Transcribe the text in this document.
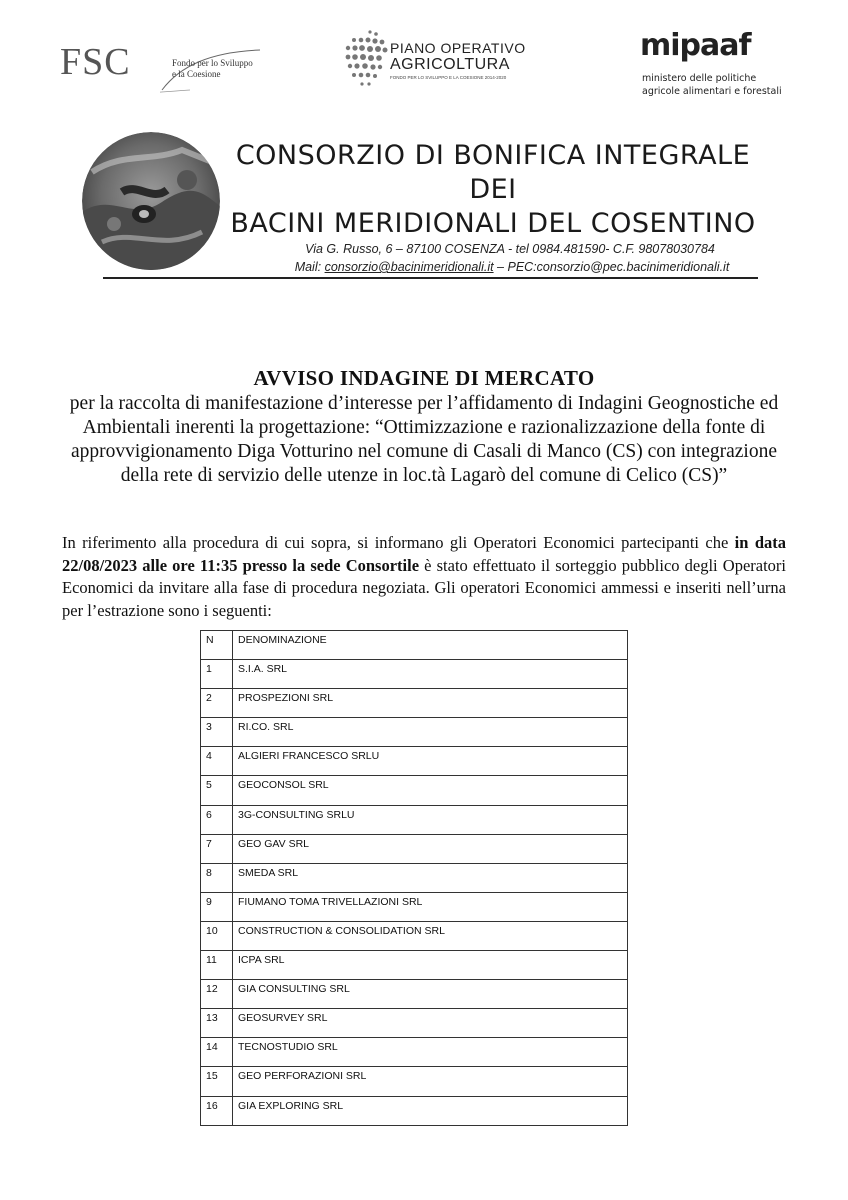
FSC	Fondo per lo Sviluppo
e la Coesione
PIANO OPERATIVO
AGRICOLTURA
FONDO PER LO SVILUPPO E LA COESIONE 2014-2020
mipaaf
ministero delle politiche
agricole alimentari e forestali
CONSORZIO DI BONIFICA INTEGRALE
DEI
BACINI MERIDIONALI DEL COSENTINO
Via G. Russo, 6 – 87100 COSENZA - tel 0984.481590- C.F. 98078030784
Mail: consorzio@bacinimeridionali.it – PEC:consorzio@pec.bacinimeridionali.it
AVVISO INDAGINE DI MERCATO
per la raccolta di manifestazione d’interesse per l’affidamento di Indagini Geognostiche ed Ambientali inerenti la progettazione: “Ottimizzazione e razionalizzazione della fonte di approvvigionamento Diga Votturino nel comune di Casali di Manco (CS) con integrazione della rete di servizio delle utenze in loc.tà Lagarò del comune di Celico (CS)”
In riferimento alla procedura di cui sopra, si informano gli Operatori Economici partecipanti che in data 22/08/2023 alle ore 11:35 presso la sede Consortile è stato effettuato il sorteggio pubblico degli Operatori Economici da invitare alla fase di procedura negoziata. Gli operatori Economici ammessi e inseriti nell’urna per l’estrazione sono i seguenti:
N	DENOMINAZIONE
1	S.I.A. SRL
2	PROSPEZIONI SRL
3	RI.CO. SRL
4	ALGIERI FRANCESCO SRLU
5	GEOCONSOL SRL
6	3G-CONSULTING SRLU
7	GEO GAV SRL
8	SMEDA SRL
9	FIUMANO TOMA TRIVELLAZIONI SRL
10	CONSTRUCTION & CONSOLIDATION SRL
11	ICPA SRL
12	GIA CONSULTING SRL
13	GEOSURVEY SRL
14	TECNOSTUDIO SRL
15	GEO PERFORAZIONI SRL
16	GIA EXPLORING SRL
